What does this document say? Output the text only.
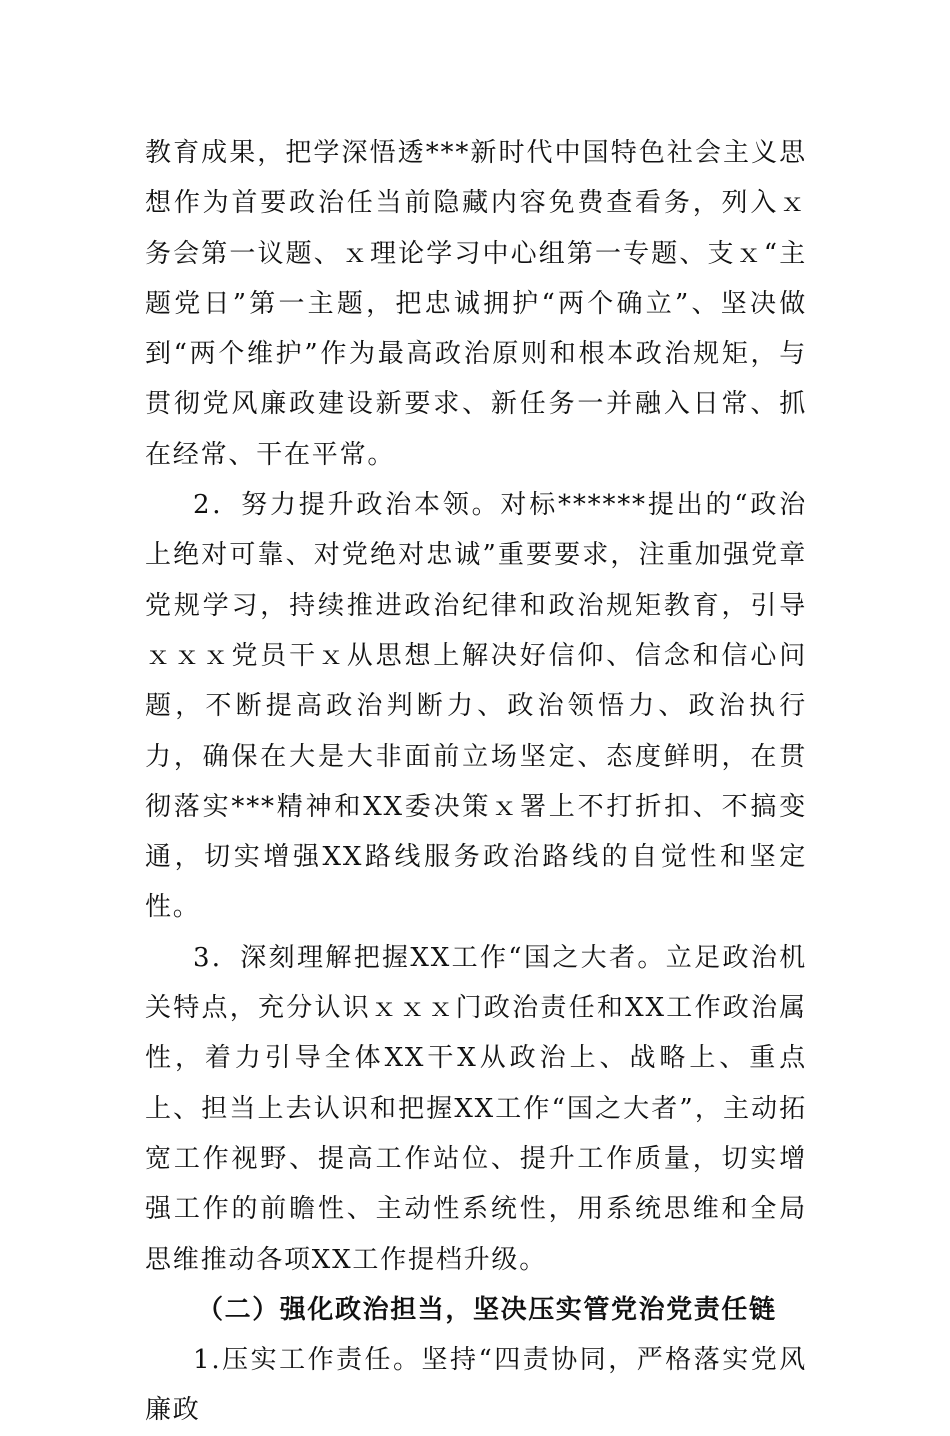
教育成果，把学深悟透***新时代中国特色社会主义思想作为首要政治任当前隐藏内容免费查看务，列入ｘ务会第一议题、ｘ理论学习中心组第一专题、支ｘ“主题党日”第一主题，把忠诚拥护“两个确立”、坚决做到“两个维护”作为最高政治原则和根本政治规矩，与贯彻党风廉政建设新要求、新任务一并融入日常、抓在经常、干在平常。

2．努力提升政治本领。对标******提出的“政治上绝对可靠、对党绝对忠诚”重要要求，注重加强党章党规学习，持续推进政治纪律和政治规矩教育，引导ｘｘｘ党员干ｘ从思想上解决好信仰、信念和信心问题，不断提高政治判断力、政治领悟力、政治执行力，确保在大是大非面前立场坚定、态度鲜明，在贯彻落实***精神和XX委决策ｘ署上不打折扣、不搞变通，切实增强XX路线服务政治路线的自觉性和坚定性。

3．深刻理解把握XX工作“国之大者。立足政治机关特点，充分认识ｘｘｘ门政治责任和XX工作政治属性，着力引导全体XX干X从政治上、战略上、重点上、担当上去认识和把握XX工作“国之大者”，主动拓宽工作视野、提高工作站位、提升工作质量，切实增强工作的前瞻性、主动性系统性，用系统思维和全局思维推动各项XX工作提档升级。

（二）强化政治担当，坚决压实管党治党责任链

1.压实工作责任。坚持“四责协同，严格落实党风廉政
